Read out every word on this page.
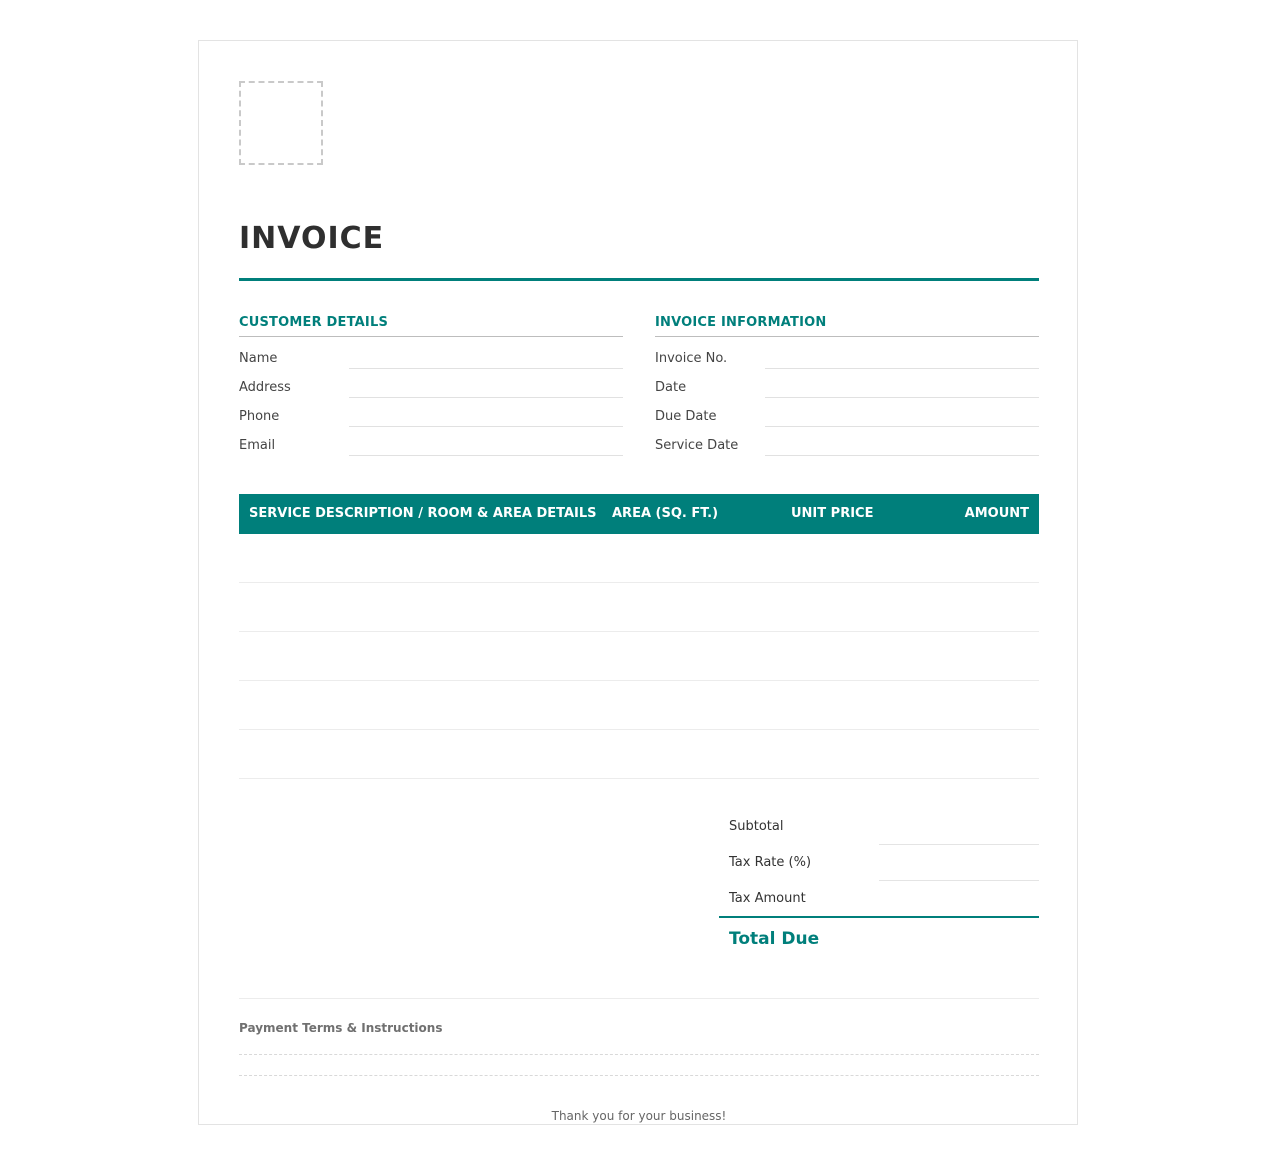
INVOICE
CUSTOMER DETAILS
Name
Address
Phone
Email
INVOICE INFORMATION
Invoice No.
Date
Due Date
Service Date
SERVICE DESCRIPTION / ROOM & AREA DETAILS AREA (SQ. FT.)	UNIT PRICE	AMOUNT
Subtotal
Tax Rate (%)
Tax Amount
Total Due
Payment Terms & Instructions
Thank you for your business!
